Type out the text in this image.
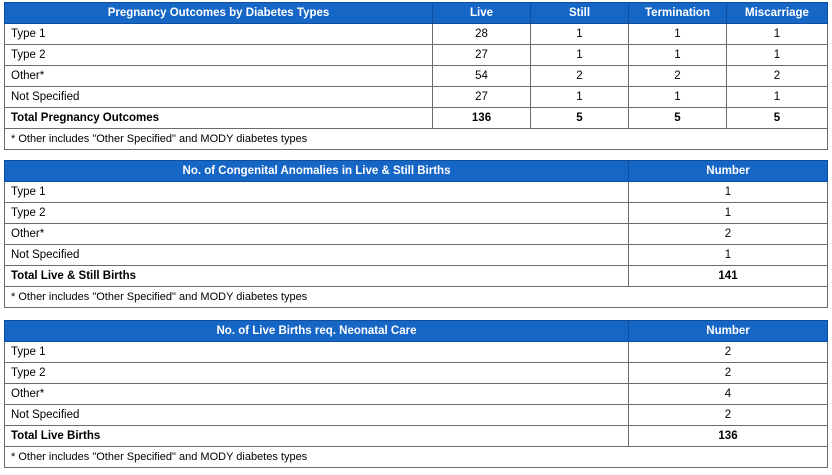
Pregnancy Outcomes by Diabetes Types	Live	Still	Termination	Miscarriage
Type 1	28	1	1	1
Type 2	27	1	1	1
Other*	54	2	2	2
Not Specified	27	1	1	1
Total Pregnancy Outcomes	136	5	5	5
* Other includes "Other Specified" and MODY diabetes types				
No. of Congenital Anomalies in Live & Still Births	Number
Type 1	1
Type 2	1
Other*	2
Not Specified	1
Total Live & Still Births	141
* Other includes "Other Specified" and MODY diabetes types	
No. of Live Births req. Neonatal Care	Number
Type 1	2
Type 2	2
Other*	4
Not Specified	2
Total Live Births	136
* Other includes "Other Specified" and MODY diabetes types	
